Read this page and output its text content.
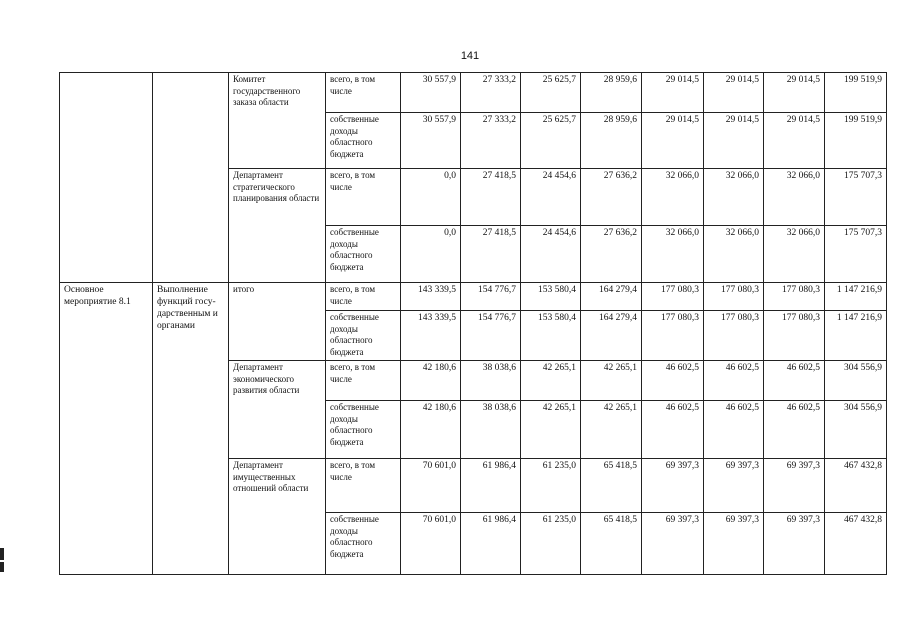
141
		Комитет государственного заказа области	всего, в том числе	30 557,9	27 333,2	25 625,7	28 959,6	29 014,5	29 014,5	29 014,5	199 519,9
			собственные доходы областного бюджета	30 557,9	27 333,2	25 625,7	28 959,6	29 014,5	29 014,5	29 014,5	199 519,9
		Департамент стратегического планирования области	всего, в том числе	0,0	27 418,5	24 454,6	27 636,2	32 066,0	32 066,0	32 066,0	175 707,3
			собственные доходы областного бюджета	0,0	27 418,5	24 454,6	27 636,2	32 066,0	32 066,0	32 066,0	175 707,3
Основное мероприятие 8.1	Выполнение функций госу-дарственным и органами	итого	всего, в том числе	143 339,5	154 776,7	153 580,4	164 279,4	177 080,3	177 080,3	177 080,3	1 147 216,9
			собственные доходы областного бюджета	143 339,5	154 776,7	153 580,4	164 279,4	177 080,3	177 080,3	177 080,3	1 147 216,9
		Департамент экономического развития области	всего, в том числе	42 180,6	38 038,6	42 265,1	42 265,1	46 602,5	46 602,5	46 602,5	304 556,9
			собственные доходы областного бюджета	42 180,6	38 038,6	42 265,1	42 265,1	46 602,5	46 602,5	46 602,5	304 556,9
		Департамент имущественных отношений области	всего, в том числе	70 601,0	61 986,4	61 235,0	65 418,5	69 397,3	69 397,3	69 397,3	467 432,8
			собственные доходы областного бюджета	70 601,0	61 986,4	61 235,0	65 418,5	69 397,3	69 397,3	69 397,3	467 432,8
